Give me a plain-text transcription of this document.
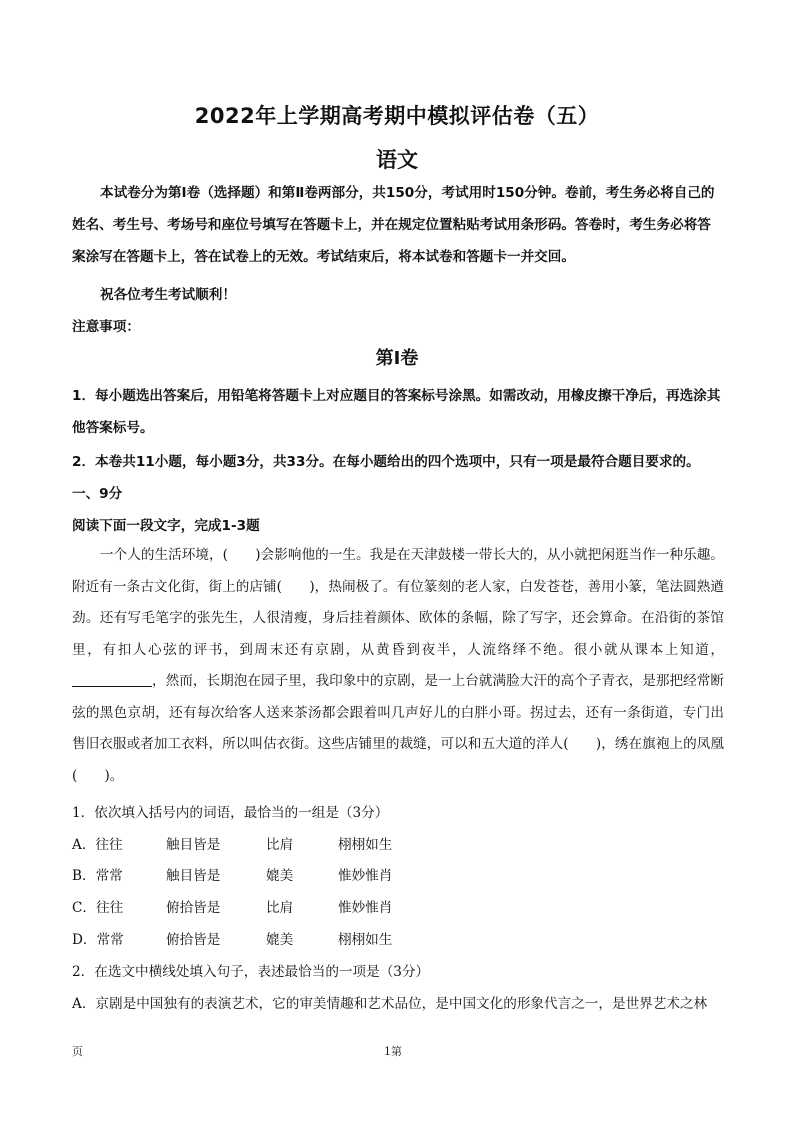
2022年上学期高考期中模拟评估卷（五）
语文
本试卷分为第Ⅰ卷（选择题）和第Ⅱ卷两部分，共150分，考试用时150分钟。卷前，考生务必将自己的姓名、考生号、考场号和座位号填写在答题卡上，并在规定位置粘贴考试用条形码。答卷时，考生务必将答案涂写在答题卡上，答在试卷上的无效。考试结束后，将本试卷和答题卡一并交回。
祝各位考生考试顺利！
注意事项：
第Ⅰ卷
1．每小题选出答案后，用铅笔将答题卡上对应题目的答案标号涂黑。如需改动，用橡皮擦干净后，再选涂其他答案标号。
2．本卷共11小题，每小题3分，共33分。在每小题给出的四个选项中，只有一项是最符合题目要求的。
一、9分
阅读下面一段文字，完成1-3题
一个人的生活环境，(　　)会影响他的一生。我是在天津鼓楼一带长大的，从小就把闲逛当作一种乐趣。附近有一条古文化街，街上的店铺(　　)，热闹极了。有位篆刻的老人家，白发苍苍，善用小篆，笔法圆熟遒劲。还有写毛笔字的张先生，人很清瘦，身后挂着颜体、欧体的条幅，除了写字，还会算命。在沿街的茶馆里，有扣人心弦的评书，到周末还有京剧，从黄昏到夜半，人流络绎不绝。很小就从课本上知道，，然而，长期泡在园子里，我印象中的京剧，是一上台就满脸大汗的高个子青衣，是那把经常断弦的黑色京胡，还有每次给客人送来茶汤都会跟着叫几声好儿的白胖小哥。拐过去，还有一条街道，专门出售旧衣服或者加工衣料，所以叫估衣街。这些店铺里的裁缝，可以和五大道的洋人(　　)，绣在旗袍上的凤凰(　　)。
1．依次填入括号内的词语，最恰当的一组是（3分）
A．往往	触目皆是	比肩	栩栩如生
B．常常	触目皆是	媲美	惟妙惟肖
C．往往	俯拾皆是	比肩	惟妙惟肖
D．常常	俯拾皆是	媲美	栩栩如生
2．在选文中横线处填入句子，表述最恰当的一项是（3分）
A．京剧是中国独有的表演艺术，它的审美情趣和艺术品位，是中国文化的形象代言之一，是世界艺术之林
页	1第
